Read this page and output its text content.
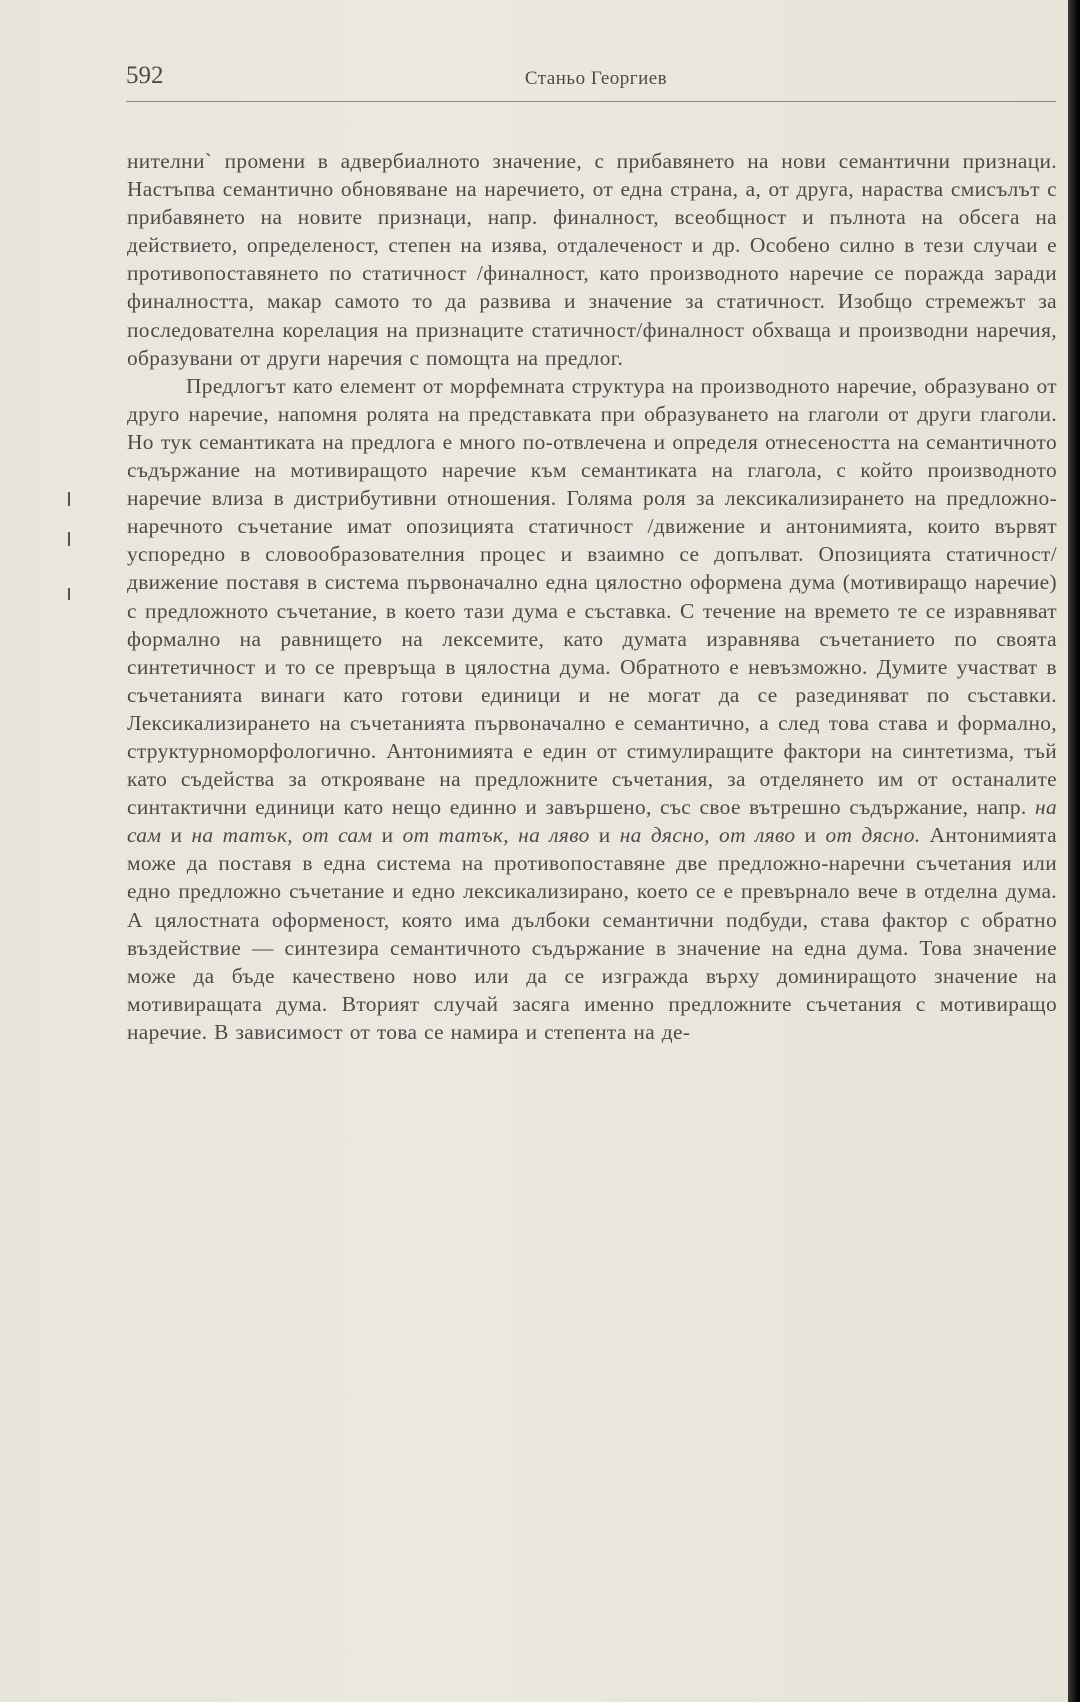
592	Станьо Георгиев

нителни` промени в адвербиалното значение, с прибавянето на нови семантични признаци. Настъпва семантично обновяване на наречието, от една страна, а, от друга, нараства смисълът с прибавянето на новите признаци, напр. финалност, всеобщност и пълнота на обсега на действието, определеност, степен на изява, отдалеченост и др. Особено силно в тези случаи е противопоставянето по статичност /финалност, като производното наречие се поражда заради финалността, макар самото то да развива и значение за статичност. Изобщо стремежът за последователна корелация на признаците статичност/финалност обхваща и производни наречия, образувани от други наречия с помощта на предлог.

Предлогът като елемент от морфемната структура на производното наречие, образувано от друго наречие, напомня ролята на представката при образуването на глаголи от други глаголи. Но тук семантиката на предлога е много по-отвлечена и определя отнесеността на семантичното съдържание на мотивиращото наречие към семантиката на глагола, с който производното наречие влиза в дистрибутивни отношения. Голяма роля за лексикализирането на предложно-наречното съчетание имат опозицията статичност /движение и антонимията, които вървят успоредно в словообразователния процес и взаимно се допълват. Опозицията статичност/ движение поставя в система първоначално една цялостно оформена дума (мотивиращо наречие) с предложното съчетание, в което тази дума е съставка. С течение на времето те се изравняват формално на равнището на лексемите, като думата изравнява съчетанието по своята синтетичност и то се превръща в цялостна дума. Обратното е невъзможно. Думите участват в съчетанията винаги като готови единици и не могат да се разединяват по съставки. Лексикализирането на съчетанията първоначално е семантично, а след това става и формално, структурноморфологично. Антонимията е един от стимулиращите фактори на синтетизма, тъй като съдейства за открояване на предложните съчетания, за отделянето им от останалите синтактични единици като нещо единно и завършено, със свое вътрешно съдържание, напр. на сам и на татък, от сам и от татък, на ляво и на дясно, от ляво и от дясно. Антонимията може да поставя в една система на противопоставяне две предложно-наречни съчетания или едно предложно съчетание и едно лексикализирано, което се е превърнало вече в отделна дума. А цялостната оформеност, която има дълбоки семантични подбуди, става фактор с обратно въздействие — синтезира семантичното съдържание в значение на една дума. Това значение може да бъде качествено ново или да се изгражда върху доминиращото значение на мотивиращата дума. Вторият случай засяга именно предложните съчетания с мотивиращо наречие. В зависимост от това се намира и степента на де-
